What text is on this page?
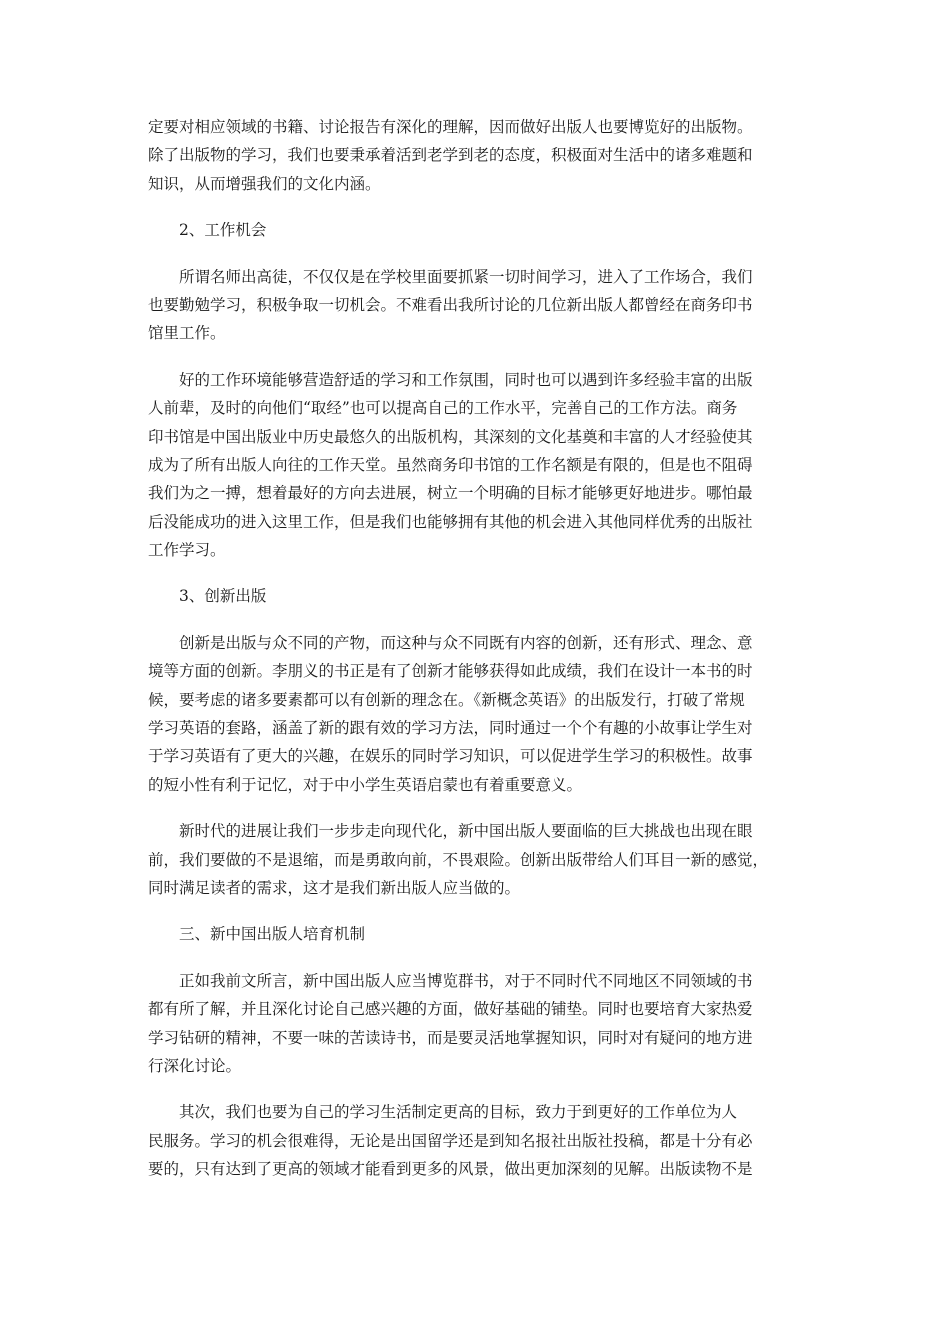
定要对相应领域的书籍、讨论报告有深化的理解，因而做好出版人也要博览好的出版物。
除了出版物的学习，我们也要秉承着活到老学到老的态度，积极面对生活中的诸多难题和
知识，从而增强我们的文化内涵。
2、工作机会
所谓名师出高徒，不仅仅是在学校里面要抓紧一切时间学习，进入了工作场合，我们
也要勤勉学习，积极争取一切机会。不难看出我所讨论的几位新出版人都曾经在商务印书
馆里工作。
好的工作环境能够营造舒适的学习和工作氛围，同时也可以遇到许多经验丰富的出版
人前辈，及时的向他们“取经”也可以提高自己的工作水平，完善自己的工作方法。商务
印书馆是中国出版业中历史最悠久的出版机构，其深刻的文化基奠和丰富的人才经验使其
成为了所有出版人向往的工作天堂。虽然商务印书馆的工作名额是有限的，但是也不阻碍
我们为之一搏，想着最好的方向去进展，树立一个明确的目标才能够更好地进步。哪怕最
后没能成功的进入这里工作，但是我们也能够拥有其他的机会进入其他同样优秀的出版社
工作学习。
3、创新出版
创新是出版与众不同的产物，而这种与众不同既有内容的创新，还有形式、理念、意
境等方面的创新。李朋义的书正是有了创新才能够获得如此成绩，我们在设计一本书的时
候，要考虑的诸多要素都可以有创新的理念在。《新概念英语》的出版发行，打破了常规
学习英语的套路，涵盖了新的跟有效的学习方法，同时通过一个个有趣的小故事让学生对
于学习英语有了更大的兴趣，在娱乐的同时学习知识，可以促进学生学习的积极性。故事
的短小性有利于记忆，对于中小学生英语启蒙也有着重要意义。
新时代的进展让我们一步步走向现代化，新中国出版人要面临的巨大挑战也出现在眼
前，我们要做的不是退缩，而是勇敢向前，不畏艰险。创新出版带给人们耳目一新的感觉，
同时满足读者的需求，这才是我们新出版人应当做的。
三、新中国出版人培育机制
正如我前文所言，新中国出版人应当博览群书，对于不同时代不同地区不同领域的书
都有所了解，并且深化讨论自己感兴趣的方面，做好基础的铺垫。同时也要培育大家热爱
学习钻研的精神，不要一味的苦读诗书，而是要灵活地掌握知识，同时对有疑问的地方进
行深化讨论。
其次，我们也要为自己的学习生活制定更高的目标，致力于到更好的工作单位为人
民服务。学习的机会很难得，无论是出国留学还是到知名报社出版社投稿，都是十分有必
要的，只有达到了更高的领域才能看到更多的风景，做出更加深刻的见解。出版读物不是
